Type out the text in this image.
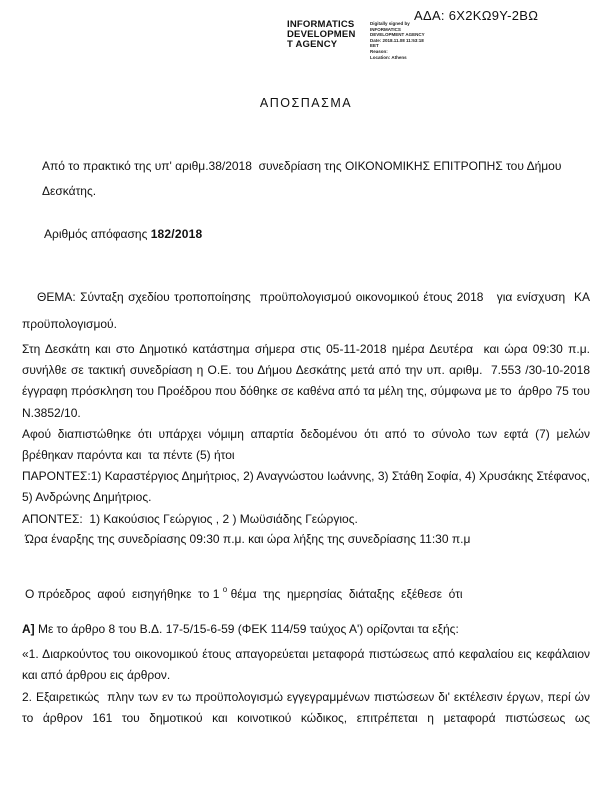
ΑΔΑ: 6Χ2ΚΩ9Υ-2ΒΩ
INFORMATICS
DEVELOPMEN
T AGENCY
Digitally signed by
INFORMATICS
DEVELOPMENT AGENCY
Date: 2018.11.08 11:53:18
EET
Reason:
Location: Athens
ΑΠΟΣΠΑΣΜΑ
Από το πρακτικό της υπ' αριθμ.38/2018  συνεδρίαση της ΟΙΚΟΝΟΜΙΚΗΣ ΕΠΙΤΡΟΠΗΣ του Δήμου Δεσκάτης.
Αριθμός απόφασης 182/2018
ΘΕΜΑ: Σύνταξη σχεδίου τροποποίησης  προϋπολογισμού οικονομικού έτους 2018   για ενίσχυση  ΚΑ προϋπολογισμού.
Στη Δεσκάτη και στο Δημοτικό κατάστημα σήμερα στις 05-11-2018 ημέρα Δευτέρα  και ώρα 09:30 π.μ. συνήλθε σε τακτική συνεδρίαση η Ο.Ε. του Δήμου Δεσκάτης μετά από την υπ. αριθμ.  7.553 /30-10-2018 έγγραφη πρόσκληση του Προέδρου που δόθηκε σε καθένα από τα μέλη της, σύμφωνα με το  άρθρο 75 του Ν.3852/10.
Αφού διαπιστώθηκε ότι υπάρχει νόμιμη απαρτία δεδομένου ότι από το σύνολο των εφτά (7) μελών βρέθηκαν παρόντα και  τα πέντε (5) ήτοι
ΠΑΡΟΝΤΕΣ:1) Καραστέργιος Δημήτριος, 2) Αναγνώστου Ιωάννης, 3) Στάθη Σοφία, 4) Χρυσάκης Στέφανος, 5) Ανδρώνης Δημήτριος.
ΑΠΟΝΤΕΣ:  1) Κακούσιος Γεώργιος , 2 ) Μωϋσιάδης Γεώργιος.
Ώρα έναρξης της συνεδρίασης 09:30 π.μ. και ώρα λήξης της συνεδρίασης 11:30 π.μ
Ο πρόεδρος  αφού  εισηγήθηκε  το 1 $^o$ θέμα  της  ημερησίας  διάταξης  εξέθεσε  ότι
Α] Με το άρθρο 8 του Β.Δ. 17-5/15-6-59 (ΦΕΚ 114/59 ταύχος Α') ορίζονται τα εξής:
«1. Διαρκούντος του οικονομικού έτους απαγορεύεται μεταφορά πιστώσεως από κεφαλαίου εις κεφάλαιον και από άρθρου εις άρθρον.
2. Εξαιρετικώς  πλην των εν τω προϋπολογισμώ εγγεγραμμένων πιστώσεων δι' εκτέλεσιν έργων, περί ών το άρθρον 161 του δημοτικού και κοινοτικού κώδικος, επιτρέπεται η μεταφορά πιστώσεως ως
